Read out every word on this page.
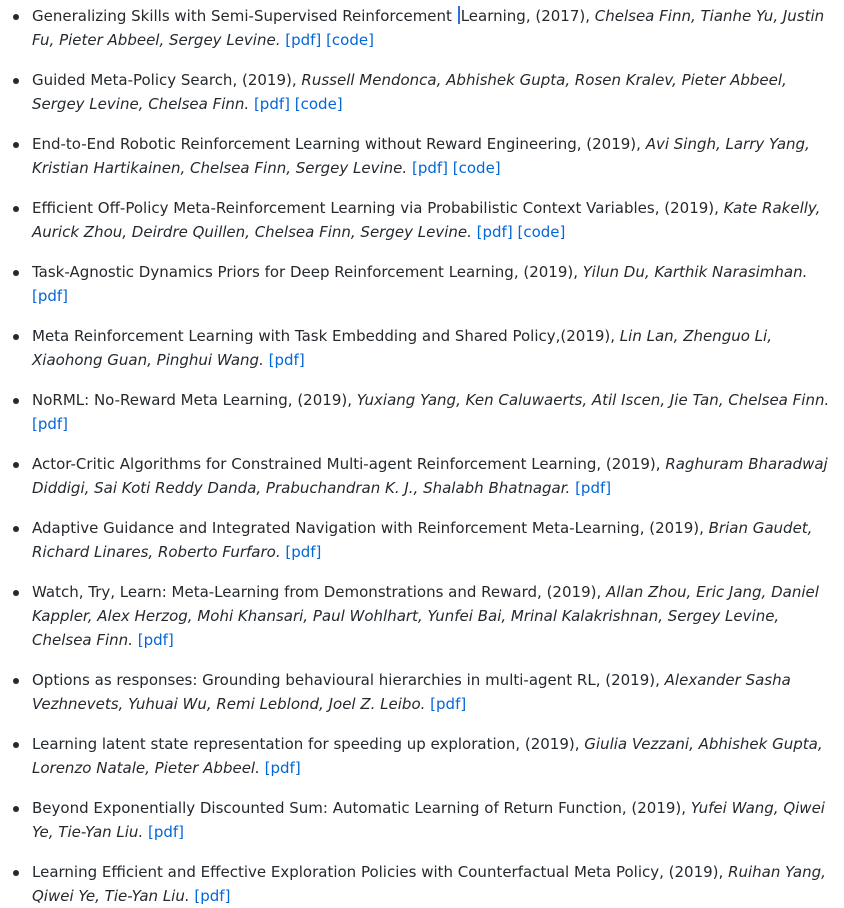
Generalizing Skills with Semi-Supervised Reinforcement Learning, (2017), Chelsea Finn, Tianhe Yu, Justin Fu, Pieter Abbeel, Sergey Levine. [pdf] [code]
Guided Meta-Policy Search, (2019), Russell Mendonca, Abhishek Gupta, Rosen Kralev, Pieter Abbeel, Sergey Levine, Chelsea Finn. [pdf] [code]
End-to-End Robotic Reinforcement Learning without Reward Engineering, (2019), Avi Singh, Larry Yang, Kristian Hartikainen, Chelsea Finn, Sergey Levine. [pdf] [code]
Efficient Off-Policy Meta-Reinforcement Learning via Probabilistic Context Variables, (2019), Kate Rakelly, Aurick Zhou, Deirdre Quillen, Chelsea Finn, Sergey Levine. [pdf] [code]
Task-Agnostic Dynamics Priors for Deep Reinforcement Learning, (2019), Yilun Du, Karthik Narasimhan. [pdf]
Meta Reinforcement Learning with Task Embedding and Shared Policy,(2019), Lin Lan, Zhenguo Li, Xiaohong Guan, Pinghui Wang. [pdf]
NoRML: No-Reward Meta Learning, (2019), Yuxiang Yang, Ken Caluwaerts, Atil Iscen, Jie Tan, Chelsea Finn. [pdf]
Actor-Critic Algorithms for Constrained Multi-agent Reinforcement Learning, (2019), Raghuram Bharadwaj Diddigi, Sai Koti Reddy Danda, Prabuchandran K. J., Shalabh Bhatnagar. [pdf]
Adaptive Guidance and Integrated Navigation with Reinforcement Meta-Learning, (2019), Brian Gaudet, Richard Linares, Roberto Furfaro. [pdf]
Watch, Try, Learn: Meta-Learning from Demonstrations and Reward, (2019), Allan Zhou, Eric Jang, Daniel Kappler, Alex Herzog, Mohi Khansari, Paul Wohlhart, Yunfei Bai, Mrinal Kalakrishnan, Sergey Levine, Chelsea Finn. [pdf]
Options as responses: Grounding behavioural hierarchies in multi-agent RL, (2019), Alexander Sasha Vezhnevets, Yuhuai Wu, Remi Leblond, Joel Z. Leibo. [pdf]
Learning latent state representation for speeding up exploration, (2019), Giulia Vezzani, Abhishek Gupta, Lorenzo Natale, Pieter Abbeel. [pdf]
Beyond Exponentially Discounted Sum: Automatic Learning of Return Function, (2019), Yufei Wang, Qiwei Ye, Tie-Yan Liu. [pdf]
Learning Efficient and Effective Exploration Policies with Counterfactual Meta Policy, (2019), Ruihan Yang, Qiwei Ye, Tie-Yan Liu. [pdf]
